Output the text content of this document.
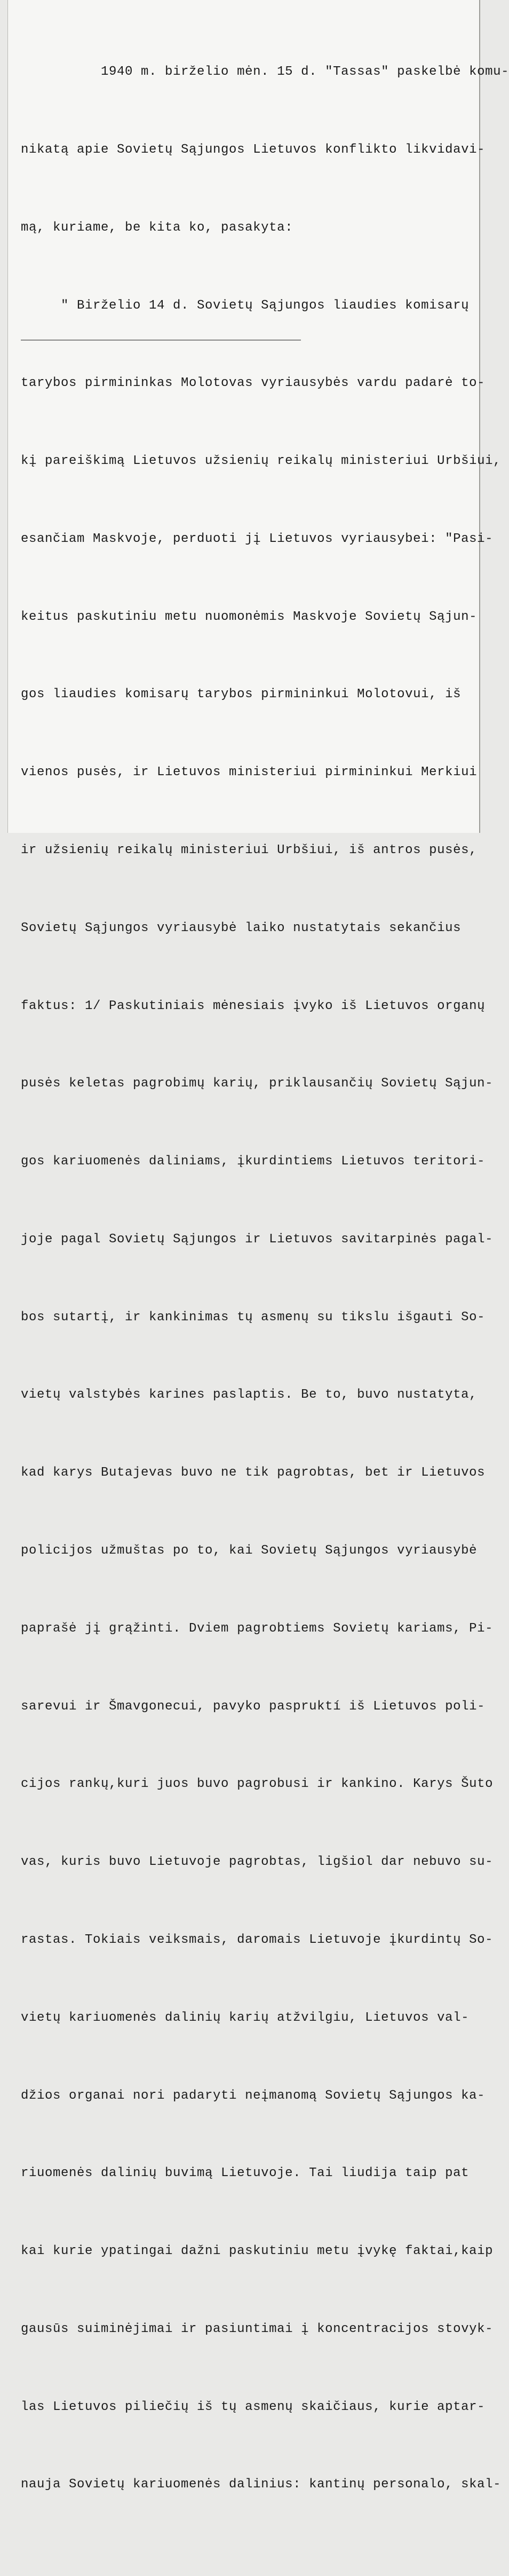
1940 m. birželio mėn. 15 d. "Tassas" paskelbė komu-

nikatą apie Sovietų Sąjungos Lietuvos konflikto likvidavi-

mą, kuriame, be kita ko, pasakyta:

" Birželio 14 d. Sovietų Sąjungos liaudies komisarų

tarybos pirmininkas Molotovas vyriausybės vardu padarė to-

kį pareiškimą Lietuvos užsienių reikalų ministeriui Urbšiui,

esančiam Maskvoje, perduoti jį Lietuvos vyriausybei: "Pasi-

keitus paskutiniu metu nuomonėmis Maskvoje Sovietų Sąjun-

gos liaudies komisarų tarybos pirmininkui Molotovui, iš

vienos pusės, ir Lietuvos ministeriui pirmininkui Merkiui

ir užsienių reikalų ministeriui Urbšiui, iš antros pusės,

Sovietų Sąjungos vyriausybė laiko nustatytais sekančius

faktus: 1/ Paskutiniais mėnesiais įvyko iš Lietuvos organų

pusės keletas pagrobimų karių, priklausančių Sovietų Sąjun-

gos kariuomenės daliniams, įkurdintiems Lietuvos teritori-

joje pagal Sovietų Sąjungos ir Lietuvos savitarpinės pagal-

bos sutartį, ir kankinimas tų asmenų su tikslu išgauti So-

vietų valstybės karines paslaptis. Be to, buvo nustatyta,

kad karys Butajevas buvo ne tik pagrobtas, bet ir Lietuvos

policijos užmuštas po to, kai Sovietų Sąjungos vyriausybė

paprašė jį grąžinti. Dviem pagrobtiems Sovietų kariams, Pi-

sarevui ir Šmavgonecui, pavyko paspruktí iš Lietuvos poli-

cijos rankų,kuri juos buvo pagrobusi ir kankino. Karys Šuto

vas, kuris buvo Lietuvoje pagrobtas, ligšiol dar nebuvo su-

rastas. Tokiais veiksmais, daromais Lietuvoje įkurdintų So-

vietų kariuomenės dalinių karių atžvilgiu, Lietuvos val-

džios organai nori padaryti neįmanomą Sovietų Sąjungos ka-

riuomenės dalinių buvimą Lietuvoje. Tai liudija taip pat

kai kurie ypatingai dažni paskutiniu metu įvykę faktai,kaip

gausūs suiminėjimai ir pasiuntimai į koncentracijos stovyk-

las Lietuvos piliečių iš tų asmenų skaičiaus, kurie aptar-

nauja Sovietų kariuomenės dalinius: kantinų personalo, skal-
